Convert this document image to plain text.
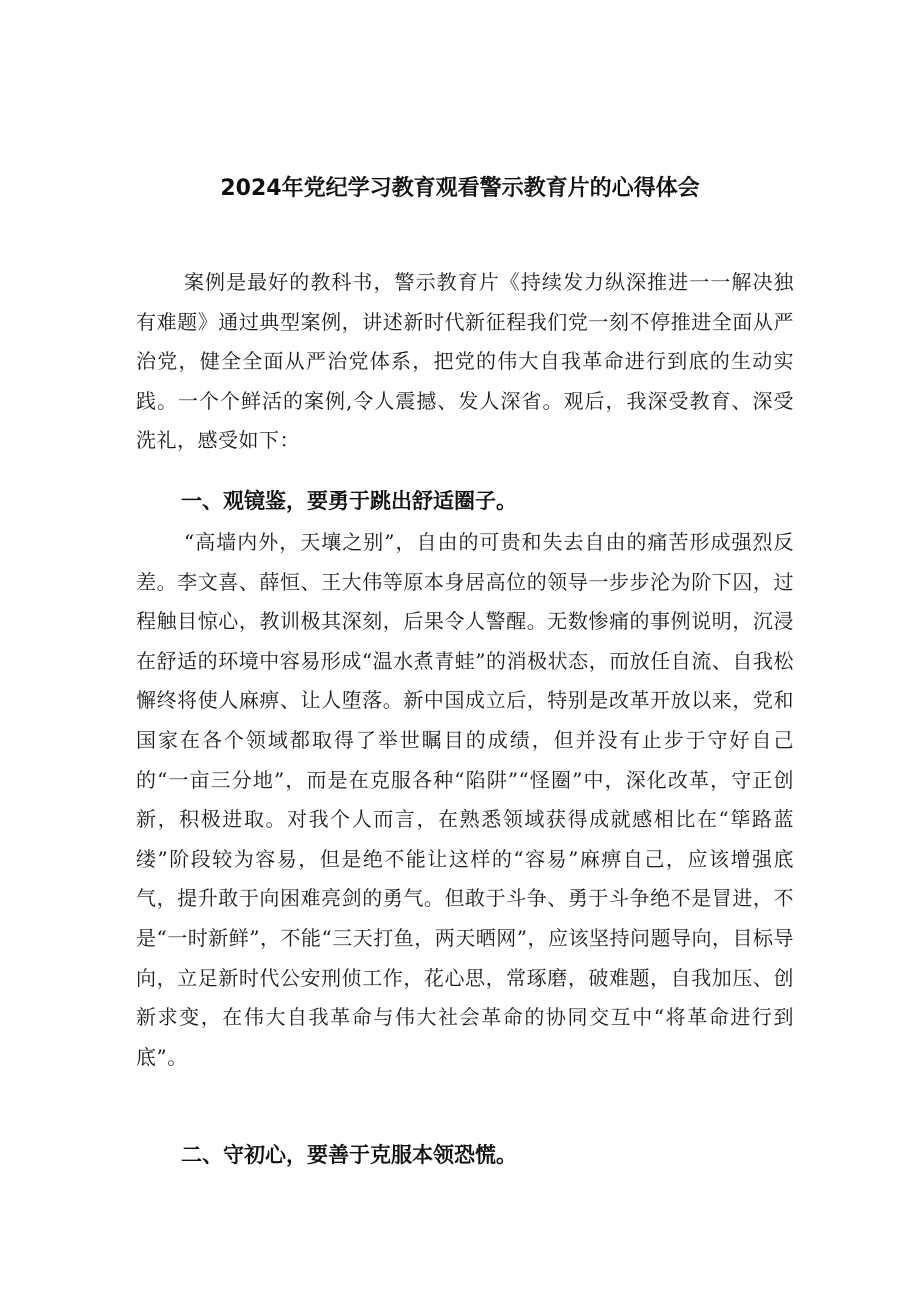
2024年党纪学习教育观看警示教育片的心得体会

案例是最好的教科书，警示教育片《持续发力纵深推进一一解决独有难题》通过典型案例，讲述新时代新征程我们党一刻不停推进全面从严治党，健全全面从严治党体系，把党的伟大自我革命进行到底的生动实践。一个个鲜活的案例,令人震撼、发人深省。观后，我深受教育、深受洗礼，感受如下：

一、观镜鉴，要勇于跳出舒适圈子。

“高墙内外，天壤之别”，自由的可贵和失去自由的痛苦形成强烈反差。李文喜、薛恒、王大伟等原本身居高位的领导一步步沦为阶下囚，过程触目惊心，教训极其深刻，后果令人警醒。无数惨痛的事例说明，沉浸在舒适的环境中容易形成“温水煮青蛙”的消极状态，而放任自流、自我松懈终将使人麻痹、让人堕落。新中国成立后，特别是改革开放以来，党和国家在各个领域都取得了举世瞩目的成绩，但并没有止步于守好自己的“一亩三分地”，而是在克服各种“陷阱”“怪圈”中，深化改革，守正创新，积极进取。对我个人而言，在熟悉领域获得成就感相比在“筚路蓝缕”阶段较为容易，但是绝不能让这样的“容易”麻痹自己，应该增强底气，提升敢于向困难亮剑的勇气。但敢于斗争、勇于斗争绝不是冒进，不是“一时新鲜”，不能“三天打鱼，两天晒网”，应该坚持问题导向，目标导向，立足新时代公安刑侦工作，花心思，常琢磨，破难题，自我加压、创新求变，在伟大自我革命与伟大社会革命的协同交互中“将革命进行到底”。

二、守初心，要善于克服本领恐慌。
